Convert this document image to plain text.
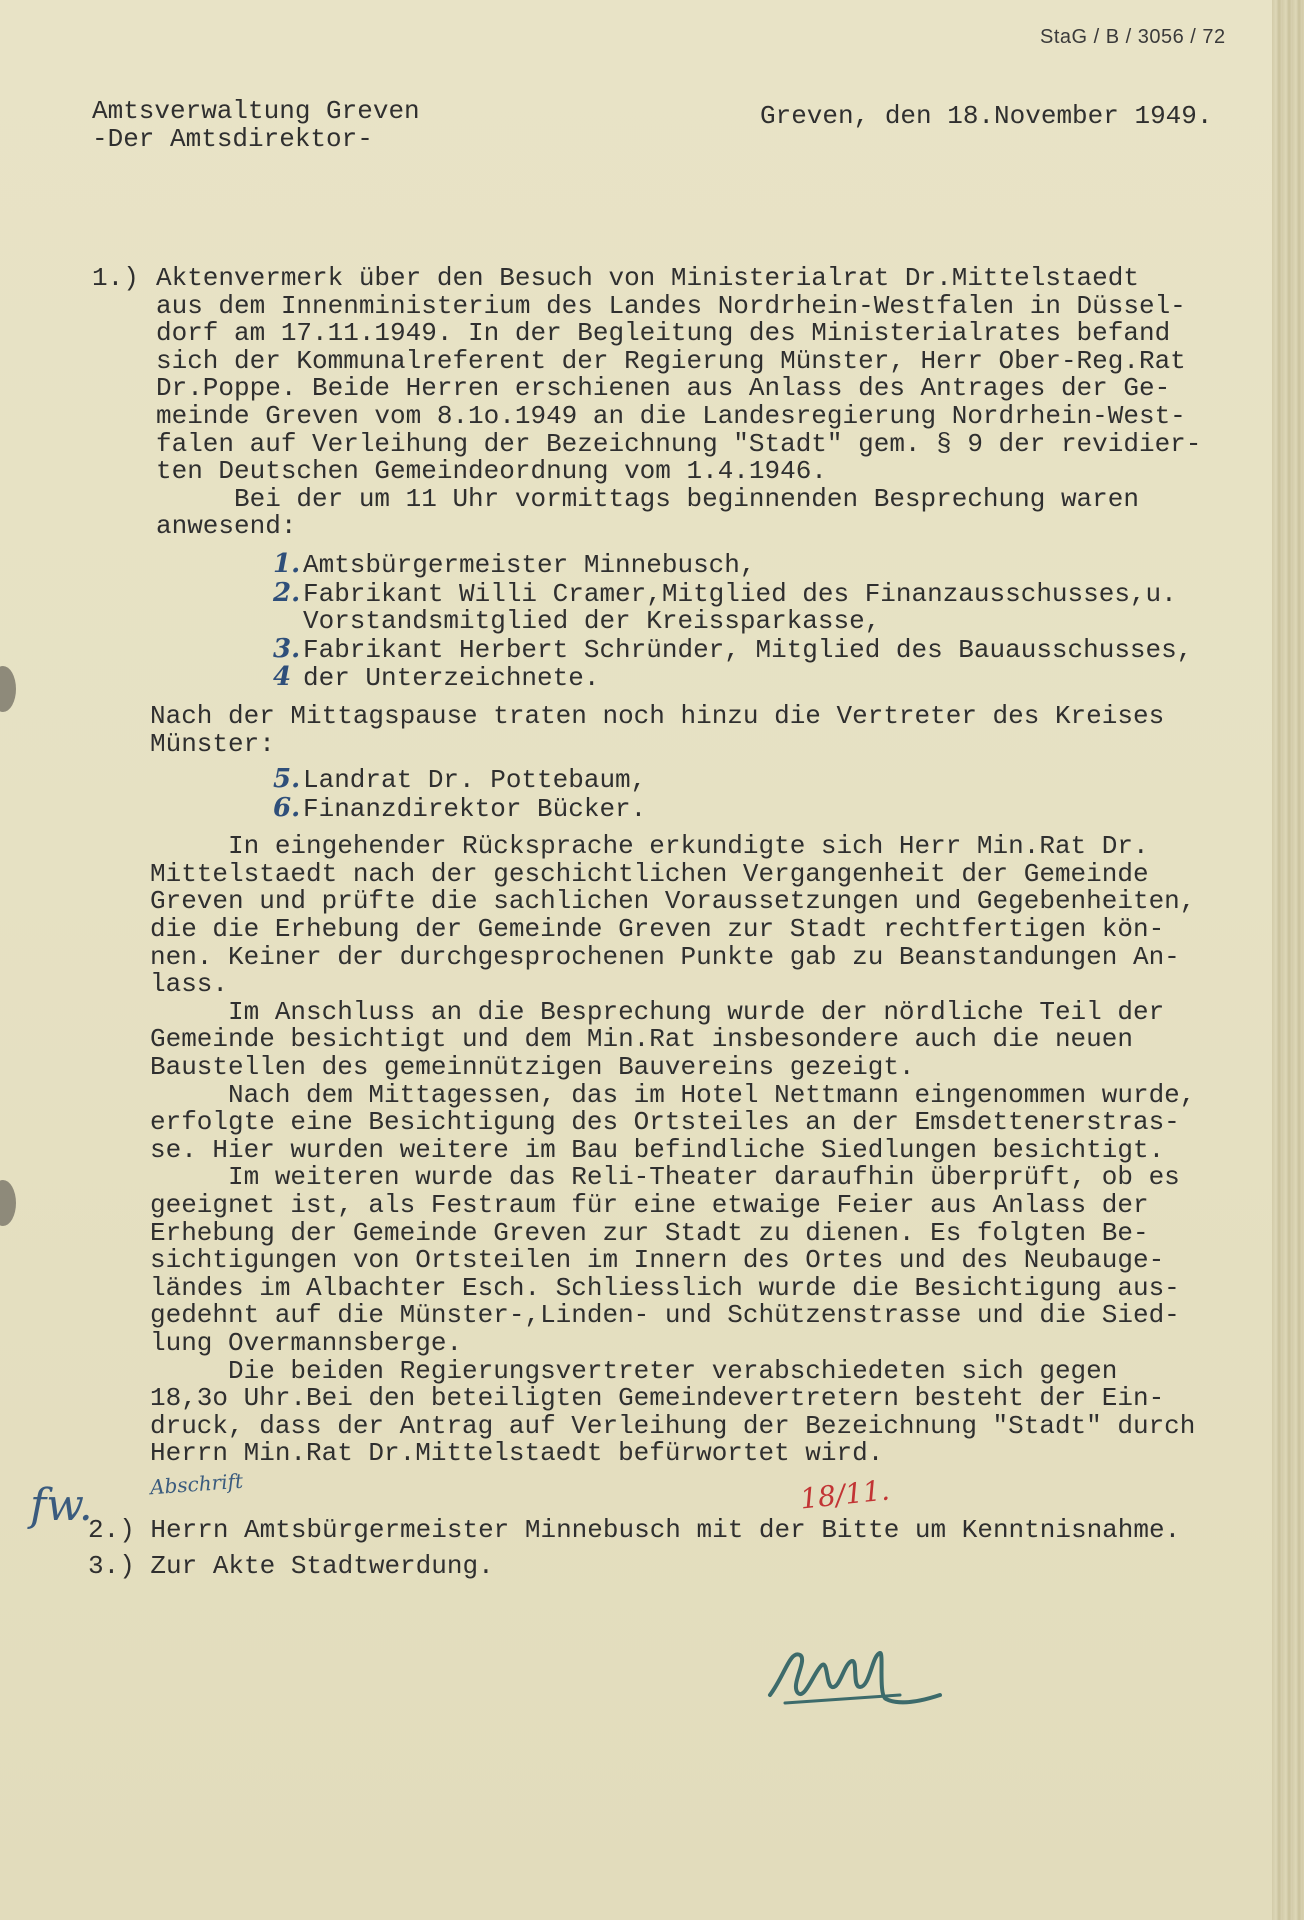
StaG / B / 3056 / 72
Amtsverwaltung Greven
-Der Amtsdirektor-
Greven, den 18.November 1949.
1.) Aktenvermerk über den Besuch von Ministerialrat Dr.Mittelstaedt
aus dem Innenministerium des Landes Nordrhein-Westfalen in Düssel-
dorf am 17.11.1949. In der Begleitung des Ministerialrates befand
sich der Kommunalreferent der Regierung Münster, Herr Ober-Reg.Rat
Dr.Poppe. Beide Herren erschienen aus Anlass des Antrages der Ge-
meinde Greven vom 8.1o.1949 an die Landesregierung Nordrhein-West-
falen auf Verleihung der Bezeichnung "Stadt" gem. § 9 der revidier-
ten Deutschen Gemeindeordnung vom 1.4.1946.
Bei der um 11 Uhr vormittags beginnenden Besprechung waren
anwesend:
1. Amtsbürgermeister Minnebusch,
2. Fabrikant Willi Cramer,Mitglied des Finanzausschusses,u.
Vorstandsmitglied der Kreissparkasse,
3. Fabrikant Herbert Schründer, Mitglied des Bauausschusses,
4 der Unterzeichnete.
Nach der Mittagspause traten noch hinzu die Vertreter des Kreises
Münster:
5. Landrat Dr. Pottebaum,
6. Finanzdirektor Bücker.
In eingehender Rücksprache erkundigte sich Herr Min.Rat Dr.
Mittelstaedt nach der geschichtlichen Vergangenheit der Gemeinde
Greven und prüfte die sachlichen Voraussetzungen und Gegebenheiten,
die die Erhebung der Gemeinde Greven zur Stadt rechtfertigen kön-
nen. Keiner der durchgesprochenen Punkte gab zu Beanstandungen An-
lass.
Im Anschluss an die Besprechung wurde der nördliche Teil der
Gemeinde besichtigt und dem Min.Rat insbesondere auch die neuen
Baustellen des gemeinnützigen Bauvereins gezeigt.
Nach dem Mittagessen, das im Hotel Nettmann eingenommen wurde,
erfolgte eine Besichtigung des Ortsteiles an der Emsdettenerstras-
se. Hier wurden weitere im Bau befindliche Siedlungen besichtigt.
Im weiteren wurde das Reli-Theater daraufhin überprüft, ob es
geeignet ist, als Festraum für eine etwaige Feier aus Anlass der
Erhebung der Gemeinde Greven zur Stadt zu dienen. Es folgten Be-
sichtigungen von Ortsteilen im Innern des Ortes und des Neubauge-
ländes im Albachter Esch. Schliesslich wurde die Besichtigung aus-
gedehnt auf die Münster-,Linden- und Schützenstrasse und die Sied-
lung Overmannsberge.
Die beiden Regierungsvertreter verabschiedeten sich gegen
18,3o Uhr.Bei den beteiligten Gemeindevertretern besteht der Ein-
druck, dass der Antrag auf Verleihung der Bezeichnung "Stadt" durch
Herrn Min.Rat Dr.Mittelstaedt befürwortet wird.
2.) Herrn Amtsbürgermeister Minnebusch mit der Bitte um Kenntnisnahme.
3.) Zur Akte Stadtwerdung.
fw.	Abschrift	18/11.
